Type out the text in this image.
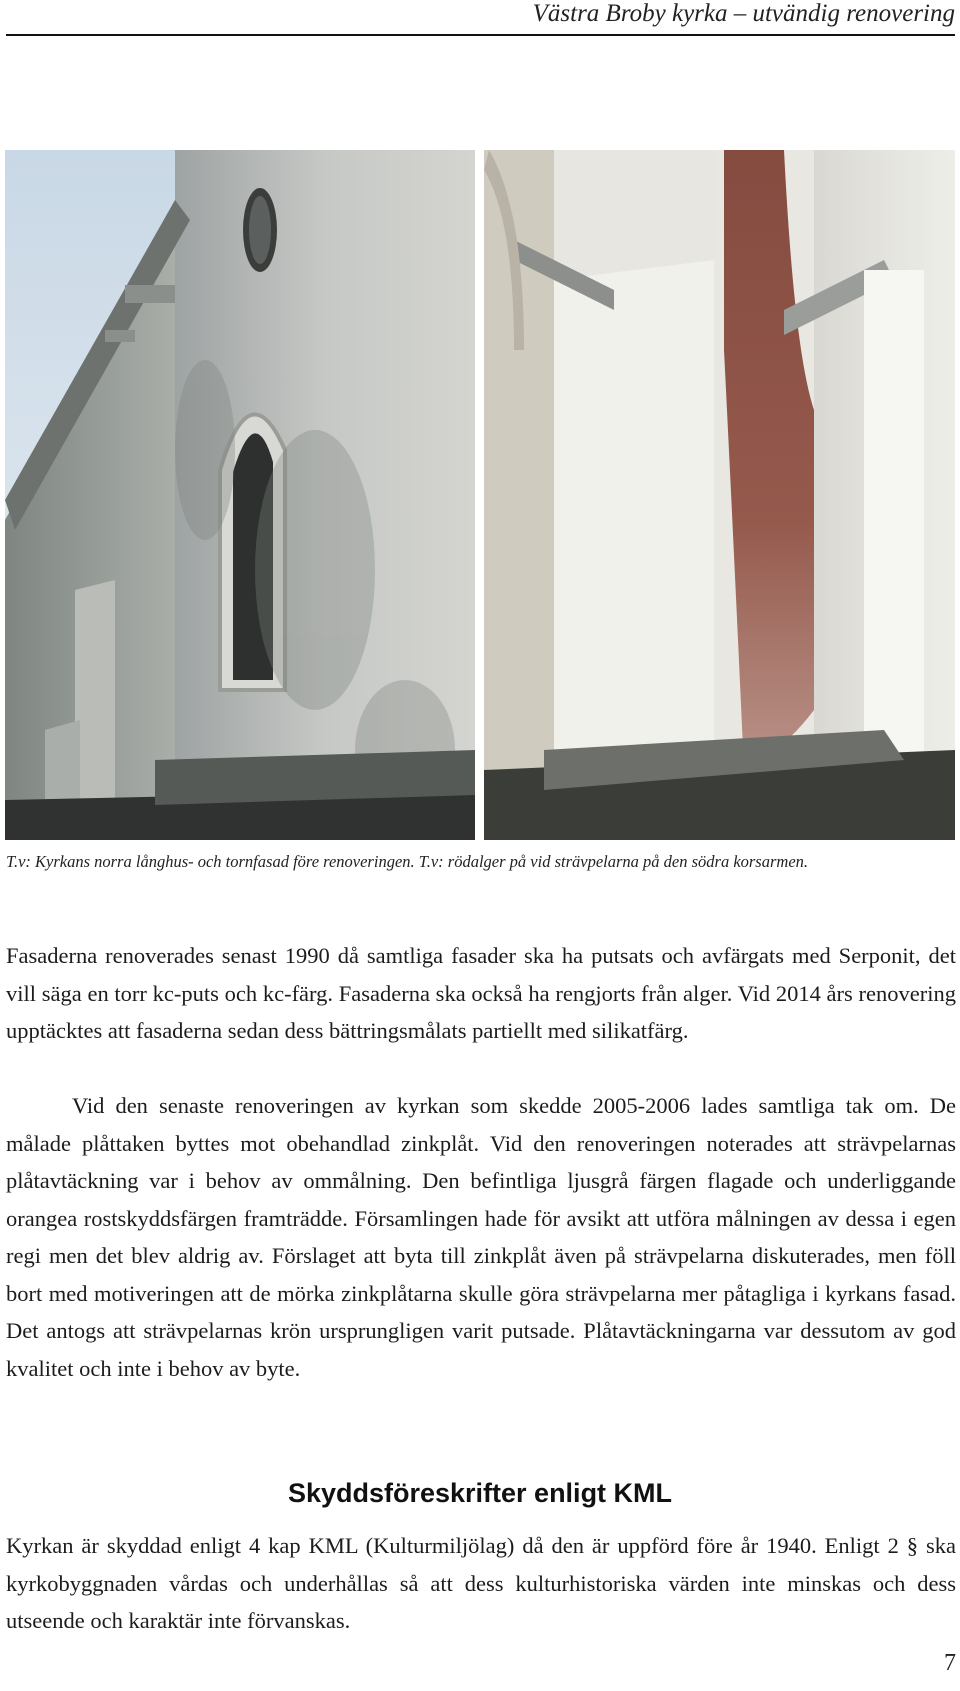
Västra Broby kyrka – utvändig renovering
T.v: Kyrkans norra långhus- och tornfasad före renoveringen. T.v: rödalger på vid strävpelarna på den södra korsarmen.

Fasaderna renoverades senast 1990 då samtliga fasader ska ha putsats och avfärgats med Serponit, det vill säga en torr kc-puts och kc-färg. Fasaderna ska också ha rengjorts från alger. Vid 2014 års renovering upptäcktes att fasaderna sedan dess bättringsmålats partiellt med silikatfärg.

Vid den senaste renoveringen av kyrkan som skedde 2005-2006 lades samtliga tak om. De målade plåttaken byttes mot obehandlad zinkplåt. Vid den renoveringen noterades att strävpelarnas plåtavtäckning var i behov av ommålning. Den befintliga ljusgrå färgen flagade och underliggande orangea rostskyddsfärgen framträdde. Församlingen hade för avsikt att utföra målningen av dessa i egen regi men det blev aldrig av. Förslaget att byta till zinkplåt även på strävpelarna diskuterades, men föll bort med motiveringen att de mörka zinkplåtarna skulle göra strävpelarna mer påtagliga i kyrkans fasad. Det antogs att strävpelarnas krön ursprungligen varit putsade. Plåtavtäckningarna var dessutom av god kvalitet och inte i behov av byte.

Skyddsföreskrifter enligt KML

Kyrkan är skyddad enligt 4 kap KML (Kulturmiljölag) då den är uppförd före år 1940. Enligt 2 § ska kyrkobyggnaden vårdas och underhållas så att dess kulturhistoriska värden inte minskas och dess utseende och karaktär inte förvanskas.

7
